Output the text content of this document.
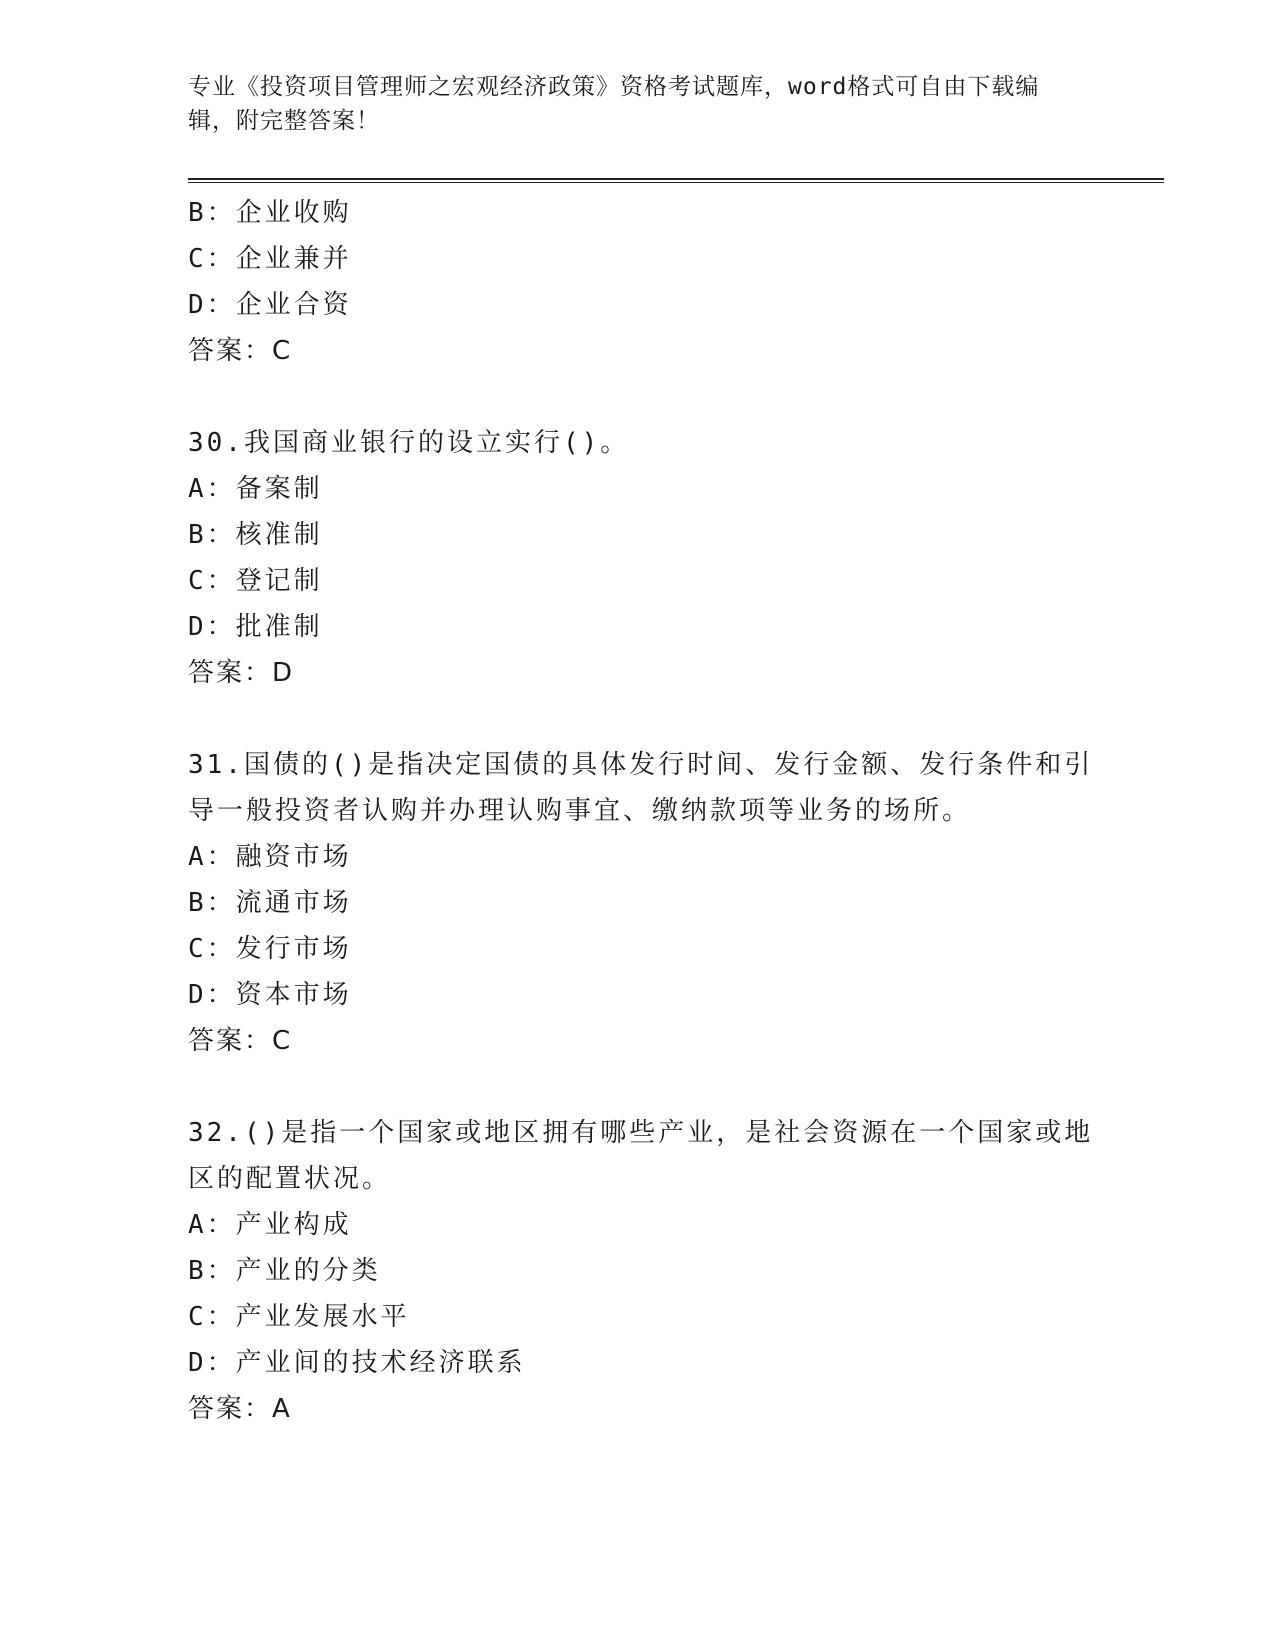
专业《投资项目管理师之宏观经济政策》资格考试题库，word格式可自由下载编辑，附完整答案！
B：企业收购
C：企业兼并
D：企业合资
答案：C
30.我国商业银行的设立实行()。
A：备案制
B：核准制
C：登记制
D：批准制
答案：D
31.国债的()是指决定国债的具体发行时间、发行金额、发行条件和引
导一般投资者认购并办理认购事宜、缴纳款项等业务的场所。
A：融资市场
B：流通市场
C：发行市场
D：资本市场
答案：C
32.()是指一个国家或地区拥有哪些产业，是社会资源在一个国家或地
区的配置状况。
A：产业构成
B：产业的分类
C：产业发展水平
D：产业间的技术经济联系
答案：A
